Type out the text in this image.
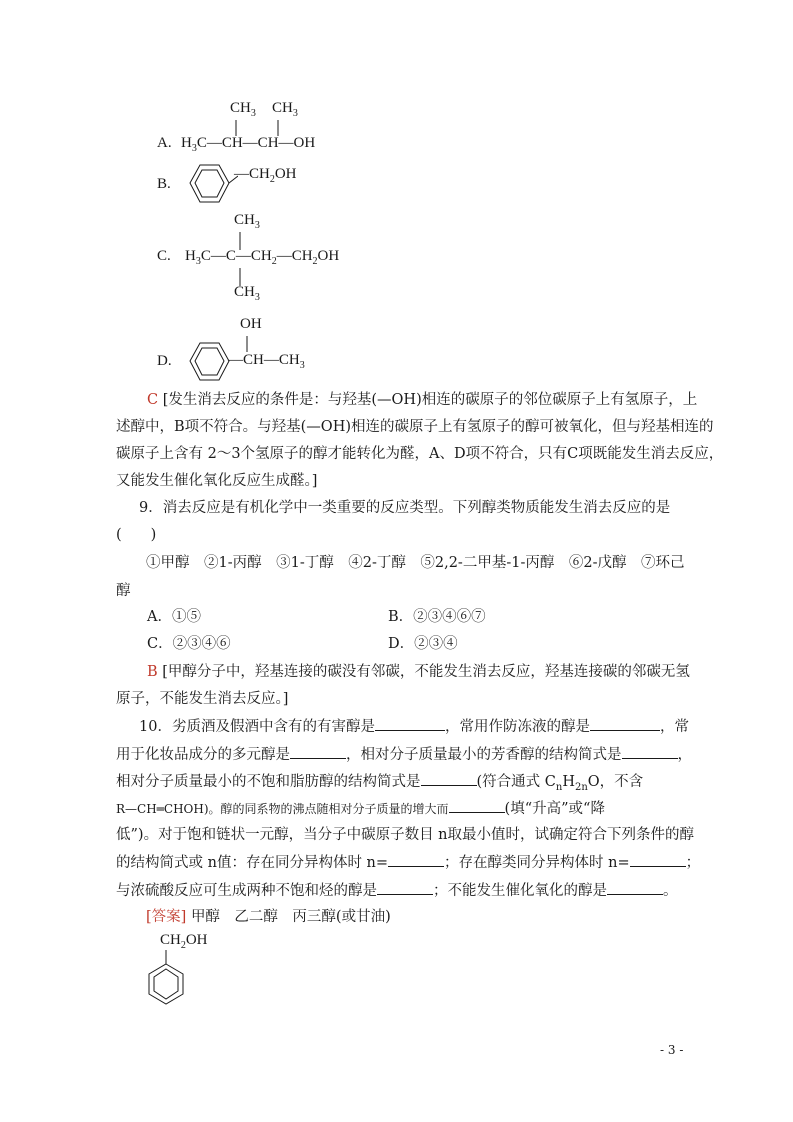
$CH_3$ $CH_3$
A. $H_3C—CH—CH—OH$
B.
$—CH_2OH$
$CH_3$
C. $H_3C—C—CH_2—CH_2OH$
$CH_3$
OH
D.	$—CH—CH_3$
C [发生消去反应的条件是：与羟基(—OH)相连的碳原子的邻位碳原子上有氢原子，上
述醇中，B项不符合。与羟基(—OH)相连的碳原子上有氢原子的醇可被氧化，但与羟基相连的
碳原子上含有 2～3个氢原子的醇才能转化为醛，A、D项不符合，只有C项既能发生消去反应，
又能发生催化氧化反应生成醛。]
9．消去反应是有机化学中一类重要的反应类型。下列醇类物质能发生消去反应的是
(　　)
①甲醇　②1-丙醇　③1-丁醇　④2-丁醇　⑤2,2-二甲基-1-丙醇　⑥2-戊醇　⑦环己
醇
A．①⑤	B．②③④⑥⑦
C．②③④⑥	D．②③④
B [甲醇分子中，羟基连接的碳没有邻碳，不能发生消去反应，羟基连接碳的邻碳无氢
原子，不能发生消去反应。]
10．劣质酒及假酒中含有的有害醇是	，常用作防冻液的醇是	，常
用于化妆品成分的多元醇是	，相对分子质量最小的芳香醇的结构简式是	，
相对分子质量最小的不饱和脂肪醇的结构简式是	(符合通式 $C_nH_{2n}O$，不含
R—CH═CHOH)。醇的同系物的沸点随相对分子质量的增大而	(填“升高”或“降
低”)。对于饱和链状一元醇，当分子中碳原子数目 n取最小值时，试确定符合下列条件的醇
的结构简式或 n值：存在同分异构体时 n=	；存在醇类同分异构体时 n=	；
与浓硫酸反应可生成两种不饱和烃的醇是	；不能发生催化氧化的醇是	。
[答案] 甲醇　乙二醇　丙三醇(或甘油)
$CH_2OH$
- 3 -
